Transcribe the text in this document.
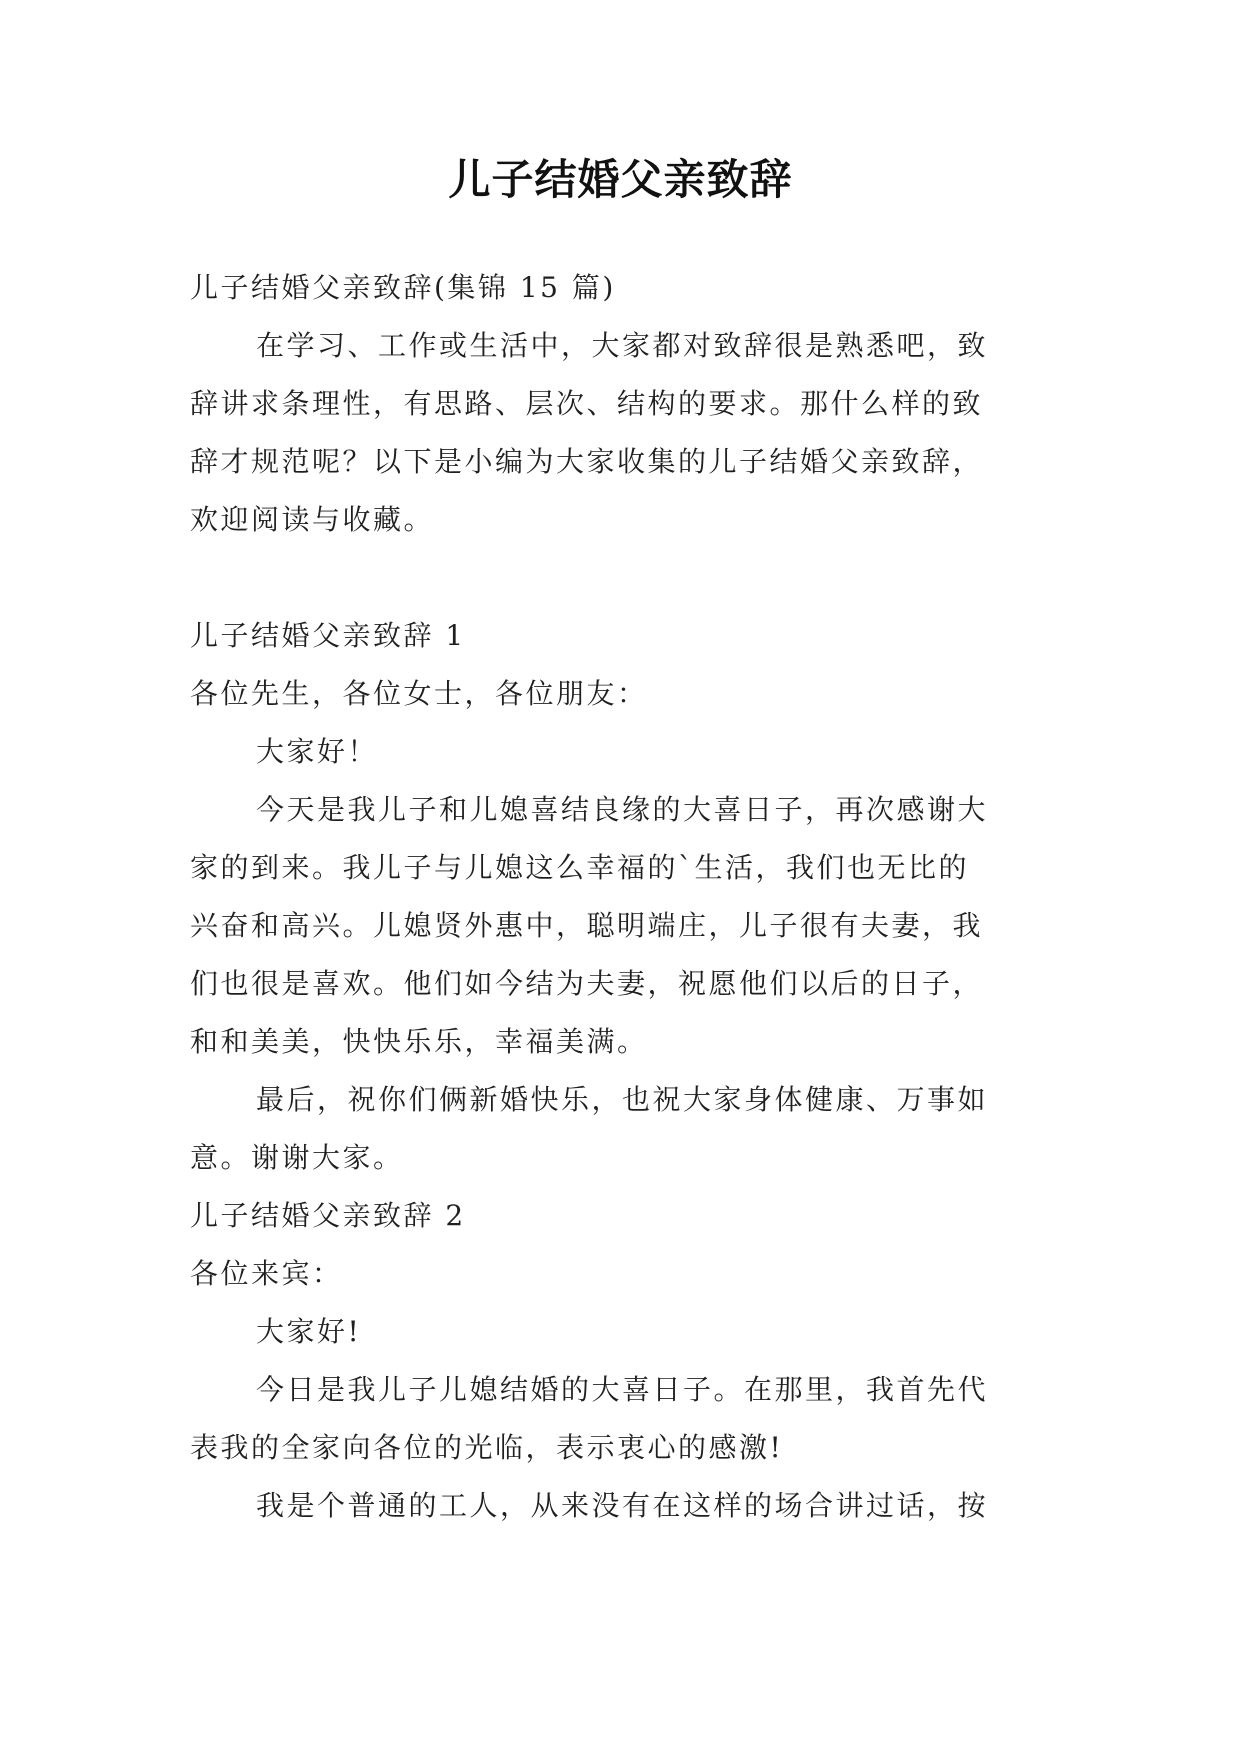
儿子结婚父亲致辞
儿子结婚父亲致辞(集锦 15 篇)
在学习、工作或生活中，大家都对致辞很是熟悉吧，致
辞讲求条理性，有思路、层次、结构的要求。那什么样的致
辞才规范呢？以下是小编为大家收集的儿子结婚父亲致辞，
欢迎阅读与收藏。
儿子结婚父亲致辞 1
各位先生，各位女士，各位朋友：
大家好！
今天是我儿子和儿媳喜结良缘的大喜日子，再次感谢大
家的到来。我儿子与儿媳这么幸福的`生活，我们也无比的
兴奋和高兴。儿媳贤外惠中，聪明端庄，儿子很有夫妻，我
们也很是喜欢。他们如今结为夫妻，祝愿他们以后的日子，
和和美美，快快乐乐，幸福美满。
最后，祝你们俩新婚快乐，也祝大家身体健康、万事如
意。谢谢大家。
儿子结婚父亲致辞 2
各位来宾：
大家好!
今日是我儿子儿媳结婚的大喜日子。在那里，我首先代
表我的全家向各位的光临，表示衷心的感激!
我是个普通的工人，从来没有在这样的场合讲过话，按
